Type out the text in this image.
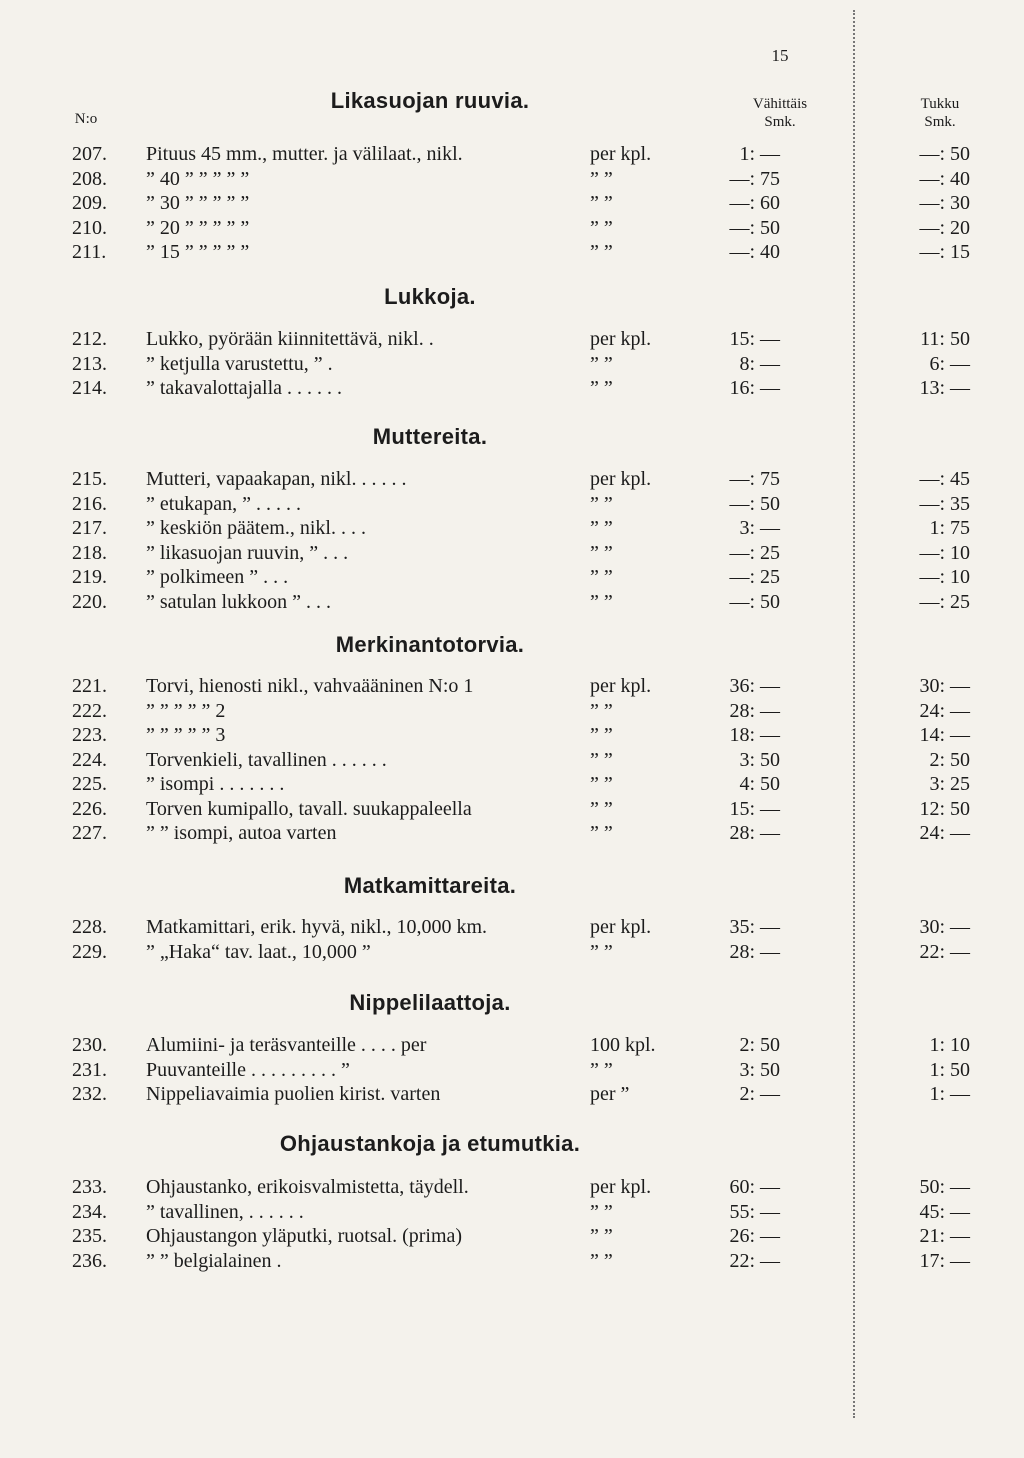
15
N:o
Vähittäis
Smk.
Tukku
Smk.
Likasuojan ruuvia.
207.	Pituus 45 mm., mutter. ja välilaat., nikl.	per kpl.	1: —	—: 50
208.	” 40 ” ” ” ” ”	” ”	—: 75	—: 40
209.	” 30 ” ” ” ” ”	” ”	—: 60	—: 30
210.	” 20 ” ” ” ” ”	” ”	—: 50	—: 20
211.	” 15 ” ” ” ” ”	” ”	—: 40	—: 15
Lukkoja.
212.	Lukko, pyörään kiinnitettävä, nikl. .	per kpl.	15: —	11: 50
213.	” ketjulla varustettu, ” .	” ”	8: —	6: —
214.	” takavalottajalla . . . . . .	” ”	16: —	13: —
Muttereita.
215.	Mutteri, vapaakapan, nikl. . . . . .	per kpl.	—: 75	—: 45
216.	” etukapan, ” . . . . .	” ”	—: 50	—: 35
217.	” keskiön päätem., nikl. . . .	” ”	3: —	1: 75
218.	” likasuojan ruuvin, ” . . .	” ”	—: 25	—: 10
219.	” polkimeen ” . . .	” ”	—: 25	—: 10
220.	” satulan lukkoon ” . . .	” ”	—: 50	—: 25
Merkinantotorvia.
221.	Torvi, hienosti nikl., vahvaääninen N:o 1	per kpl.	36: —	30: —
222.	” ” ” ” ” 2	” ”	28: —	24: —
223.	” ” ” ” ” 3	” ”	18: —	14: —
224.	Torvenkieli, tavallinen . . . . . .	” ”	3: 50	2: 50
225.	” isompi . . . . . . .	” ”	4: 50	3: 25
226.	Torven kumipallo, tavall. suukappaleella	” ”	15: —	12: 50
227.	” ” isompi, autoa varten	” ”	28: —	24: —
Matkamittareita.
228.	Matkamittari, erik. hyvä, nikl., 10,000 km.	per kpl.	35: —	30: —
229.	” „Haka“ tav. laat., 10,000 ”	” ”	28: —	22: —
Nippelilaattoja.
230.	Alumiini- ja teräsvanteille . . . . per	100 kpl.	2: 50	1: 10
231.	Puuvanteille . . . . . . . . . ”	” ”	3: 50	1: 50
232.	Nippeliavaimia puolien kirist. varten	per ”	2: —	1: —
Ohjaustankoja ja etumutkia.
233.	Ohjaustanko, erikoisvalmistetta, täydell.	per kpl.	60: —	50: —
234.	” tavallinen, . . . . . .	” ”	55: —	45: —
235.	Ohjaustangon yläputki, ruotsal. (prima)	” ”	26: —	21: —
236.	” ” belgialainen .	” ”	22: —	17: —
